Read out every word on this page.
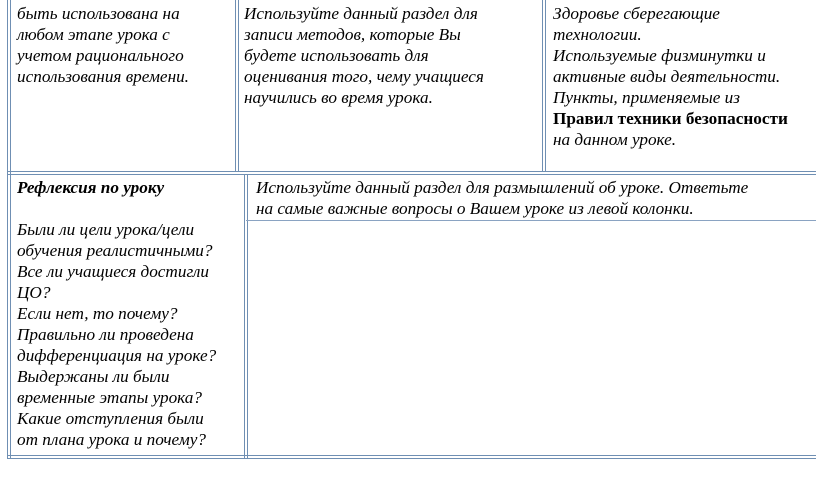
быть использована на

любом этапе урока с

учетом рационального

использования времени.

Используйте данный раздел для

записи методов, которые Вы

будете использовать для

оценивания того, чему учащиеся

научились во время урока.

Здоровье сберегающие

технологии.

Используемые физминутки и

активные виды деятельности.

Пункты, применяемые из

Правил техники безопасности

на данном уроке.

Рефлексия по уроку

Были ли цели урока/цели

обучения реалистичными?

Все ли учащиеся достигли

ЦО?

Если нет, то почему?

Правильно ли проведена

дифференциация на уроке?

Выдержаны ли были

временные этапы урока?

Какие отступления были

от плана урока и почему?

Используйте данный раздел для размышлений об уроке. Ответьте

на самые важные вопросы о Вашем уроке из левой колонки.
